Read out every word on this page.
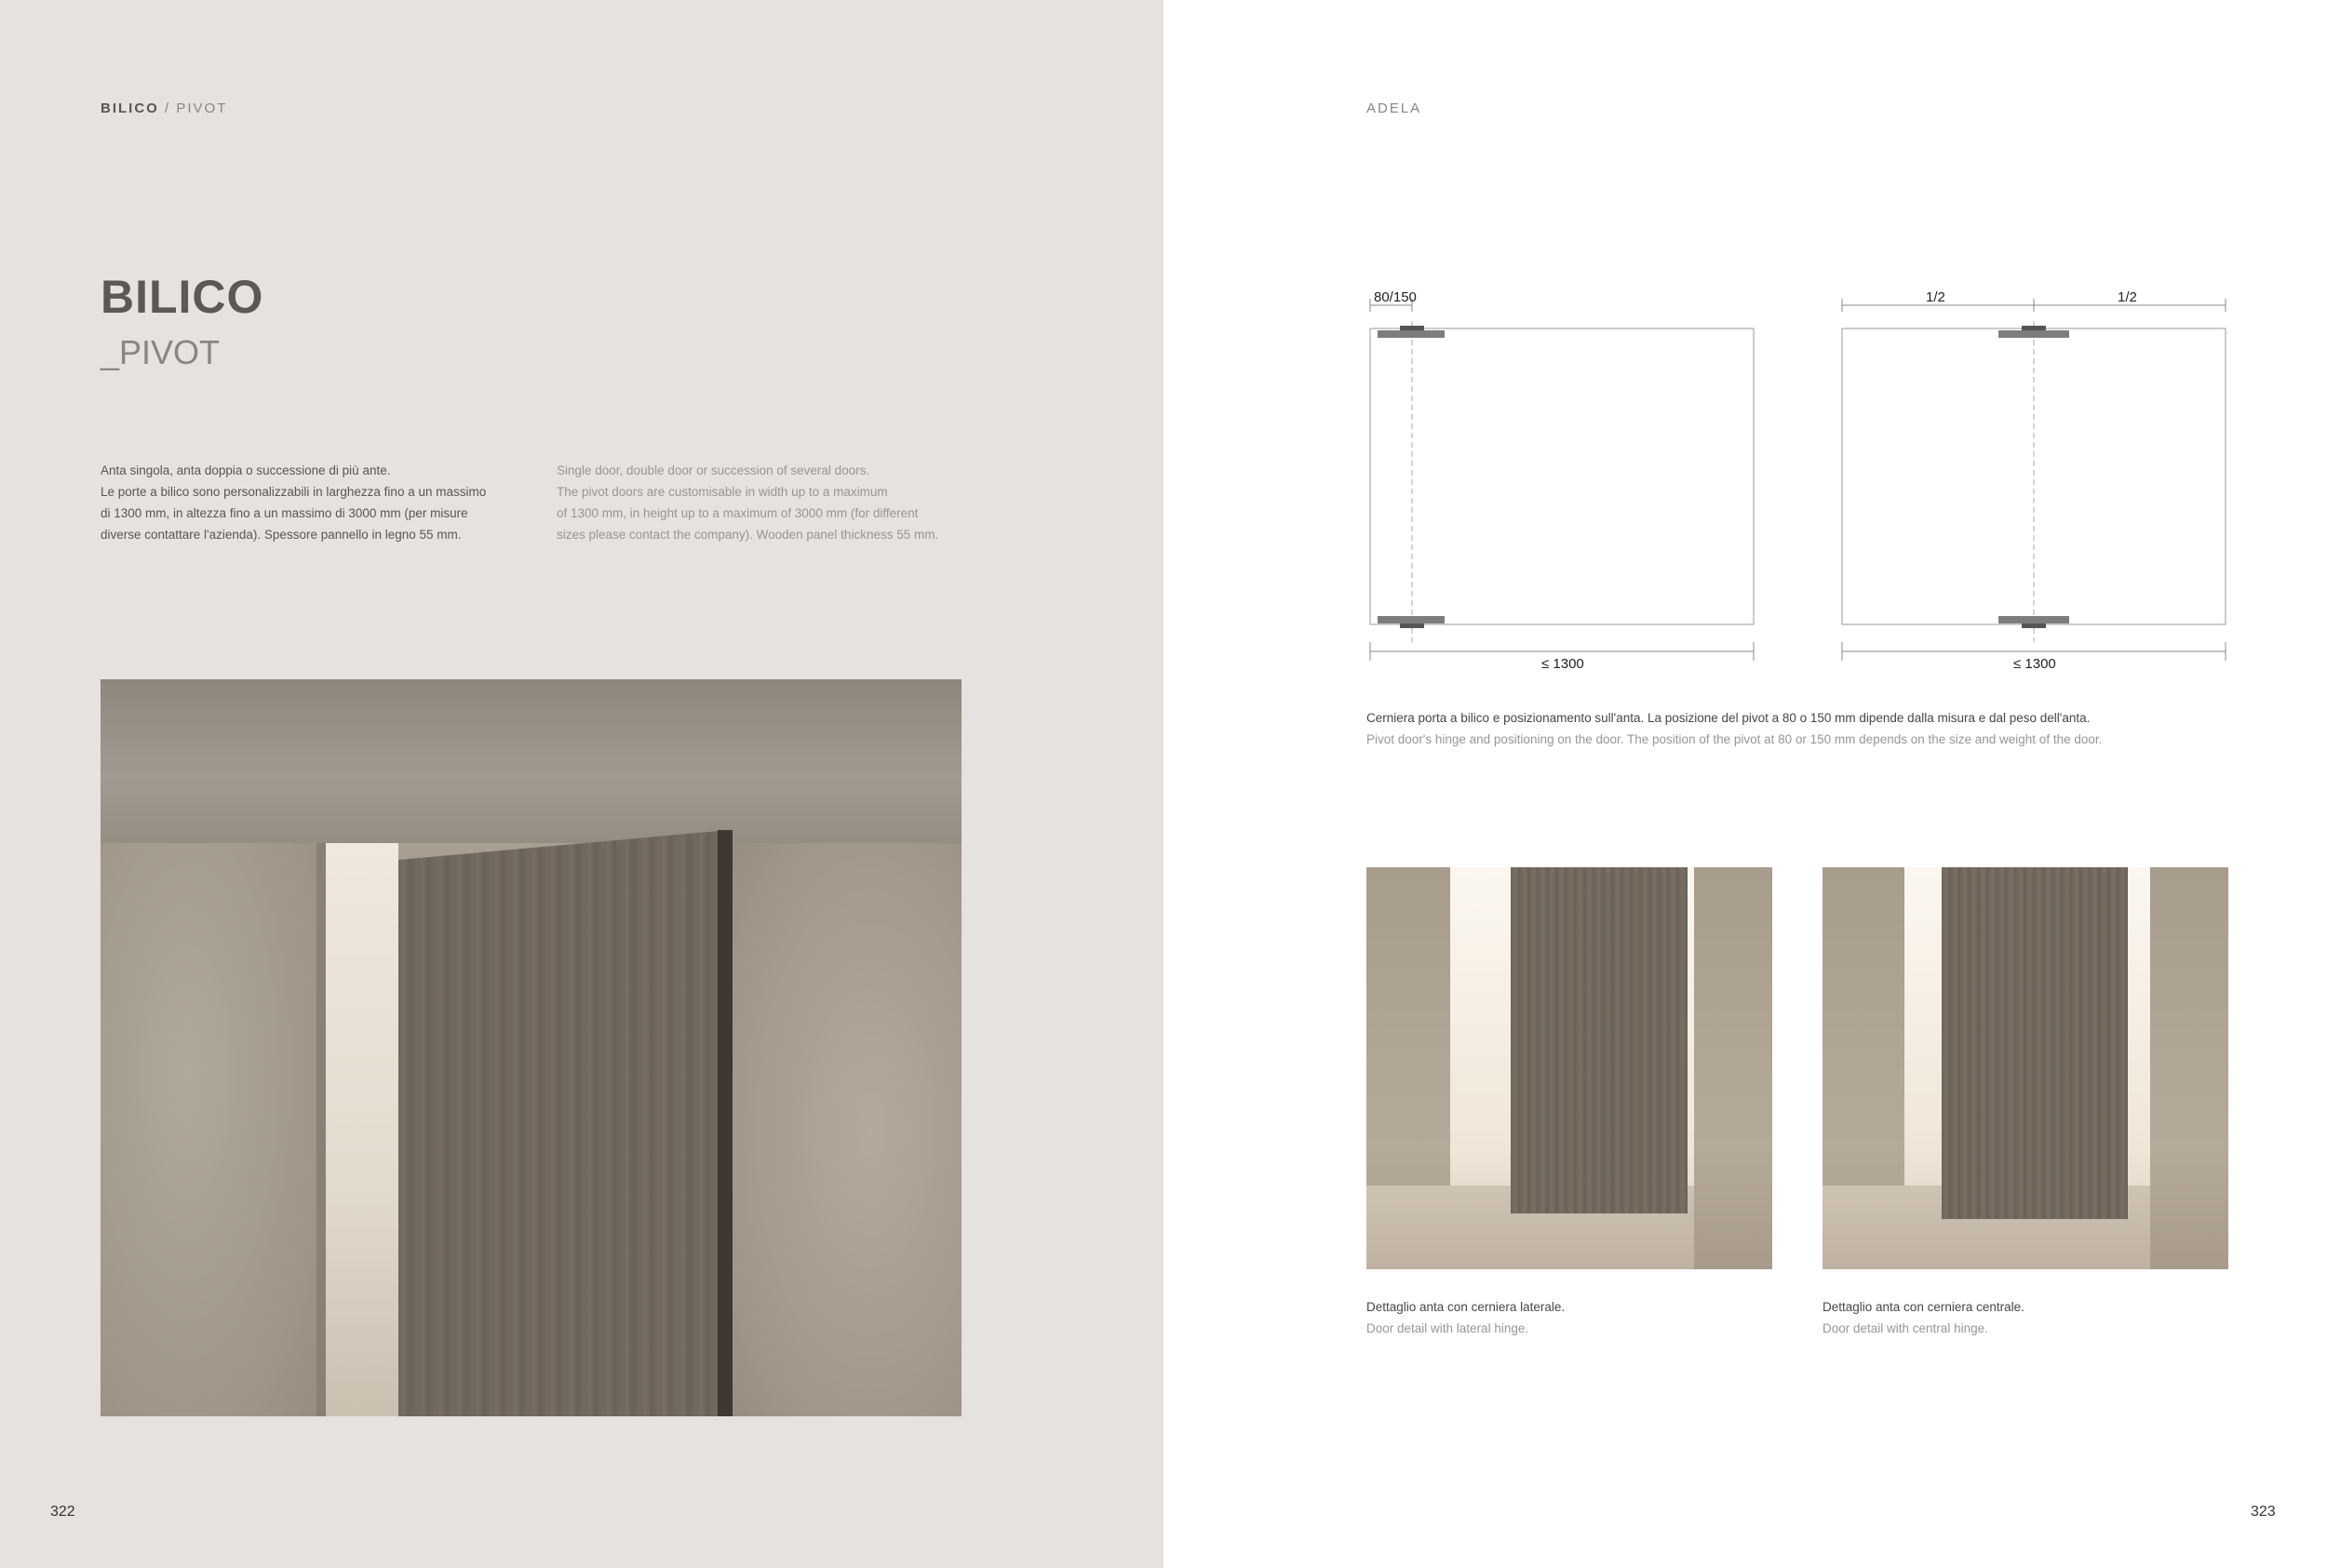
BILICO / PIVOT
BILICO
_PIVOT
Anta singola, anta doppia o successione di più ante.
Le porte a bilico sono personalizzabili in larghezza fino a un massimo
di 1300 mm, in altezza fino a un massimo di 3000 mm (per misure
diverse contattare l'azienda). Spessore pannello in legno 55 mm.
Single door, double door or succession of several doors.
The pivot doors are customisable in width up to a maximum
of 1300 mm, in height up to a maximum of 3000 mm (for different
sizes please contact the company). Wooden panel thickness 55 mm.
322
ADELA
80/150
≤ 1300
1/2	1/2
≤ 1300
Cerniera porta a bilico e posizionamento sull'anta. La posizione del pivot a 80 o 150 mm dipende dalla misura e dal peso dell'anta.
Pivot door's hinge and positioning on the door. The position of the pivot at 80 or 150 mm depends on the size and weight of the door.
Dettaglio anta con cerniera laterale.
Door detail with lateral hinge.
Dettaglio anta con cerniera centrale.
Door detail with central hinge.
323
